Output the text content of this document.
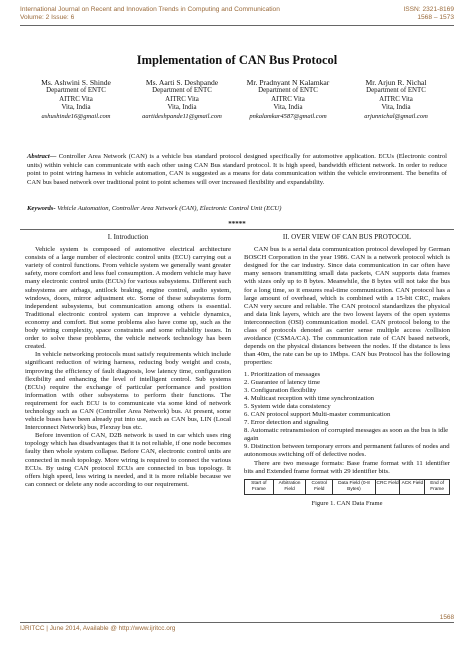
International Journal on Recent and Innovation Trends in Computing and Communication
Volume: 2 Issue: 6
ISSN: 2321-8169
1568 – 1573
Implementation of CAN Bus Protocol
Ms. Ashwini S. Shinde
Department of ENTC
AITRC Vita
Vita, India
ashushinde16@gmail.com
Ms. Aarti S. Deshpande
Department of ENTC
AITRC Vita
Vita, India
aartideshpande11@gmail.com
Mr. Pradnyant N Kalamkar
Department of ENTC
AITRC Vita
Vita, India
pnkalamkar4587@gmail.com
Mr. Arjun R. Nichal
Department of ENTC
AITRC Vita
Vita, India
arjunnichal@gmail.com
Abstract— Controller Area Network (CAN) is a vehicle bus standard protocol designed specifically for automotive application. ECUs (Electronic control units) within vehicle can communicate with each other using CAN Bus standard protocol. It is high speed, bandwidth efficient network. In order to reduce point to point wiring harness in vehicle automation, CAN is suggested as a means for data communication within the vehicle environment. The benefits of CAN bus based network over traditional point to point schemes will over increased flexibility and expandability.
Keywords- Vehicle Automation, Controller Area Network (CAN), Electronic Control Unit (ECU)
*****
I. Introduction

Vehicle system is composed of automotive electrical architecture consists of a large number of electronic control units (ECU) carrying out a variety of control functions. From vehicle system we generally want greater safety, more comfort and less fuel consumption. A modern vehicle may have many electronic control units (ECUs) for various subsystems. Different such subsystems are airbags, antilock braking, engine control, audio system, windows, doors, mirror adjustment etc. Some of these subsystems form independent subsystems, but communication among others is essential. Traditional electronic control system can improve a vehicle dynamics, economy and comfort. But some problems also have come up, such as the body wiring complexity, space constraints and some reliability issues. In order to solve these problems, the vehicle network technology has been created.

In vehicle networking protocols must satisfy requirements which include significant reduction of wiring harness, reducing body weight and costs, improving the efficiency of fault diagnosis, low latency time, configuration flexibility and enhancing the level of intelligent control. Sub systems (ECUs) require the exchange of particular performance and position information with other subsystems to perform their functions. The requirement for each ECU is to communicate via some kind of network technology such as CAN (Controller Area Network) bus. At present, some vehicle buses have been already put into use, such as CAN bus, LIN (Local Interconnect Network) bus, Flexray bus etc.

Before invention of CAN, D2B network is used in car which uses ring topology which has disadvantages that it is not reliable, if one node becomes faulty then whole system collapse. Before CAN, electronic control units are connected in mesh topology. More wiring is required to connect the various ECUs. By using CAN protocol ECUs are connected in bus topology. It offers high speed, less wiring is needed, and it is more reliable because we can connect or delete any node according to our requirement.

II. OVER VIEW OF CAN BUS PROTOCOL

CAN bus is a serial data communication protocol developed by German BOSCH Corporation in the year 1986. CAN is a network protocol which is designed for the car industry. Since data communication in car often have many sensors transmitting small data packets, CAN supports data frames with sizes only up to 8 bytes. Meanwhile, the 8 bytes will not take the bus for a long time, so it ensures real-time communication. CAN protocol has a large amount of overhead, which is combined with a 15-bit CRC, makes CAN very secure and reliable. The CAN protocol standardizes the physical and data link layers, which are the two lowest layers of the open systems interconnection (OSI) communication model. CAN protocol belong to the class of protocols denoted as carrier sense multiple access /collision avoidance (CSMA/CA). The communication rate of CAN based network, depends on the physical distances between the nodes. If the distance is less than 40m, the rate can be up to 1Mbps. CAN bus Protocol has the following properties:

1. Prioritization of messages
2. Guarantee of latency time
3. Configuration flexibility
4. Multicast reception with time synchronization
5. System wide data consistency
6. CAN protocol support Multi-master communication
7. Error detection and signaling
8. Automatic retransmission of corrupted messages as soon as the bus is idle again
9. Distinction between temporary errors and permanent failures of nodes and autonomous switching off of defective nodes.

There are two message formats: Base frame format with 11 identifier bits and Extended frame format with 29 identifier bits.

Start of Frame
Arbitration Field
Control Field
Data Field (0-8 Bytes)
CRC Field ACK Field	End of Frame
Figure 1. CAN Data Frame
1568
IJRITCC | June 2014, Available @ http://www.ijritcc.org
